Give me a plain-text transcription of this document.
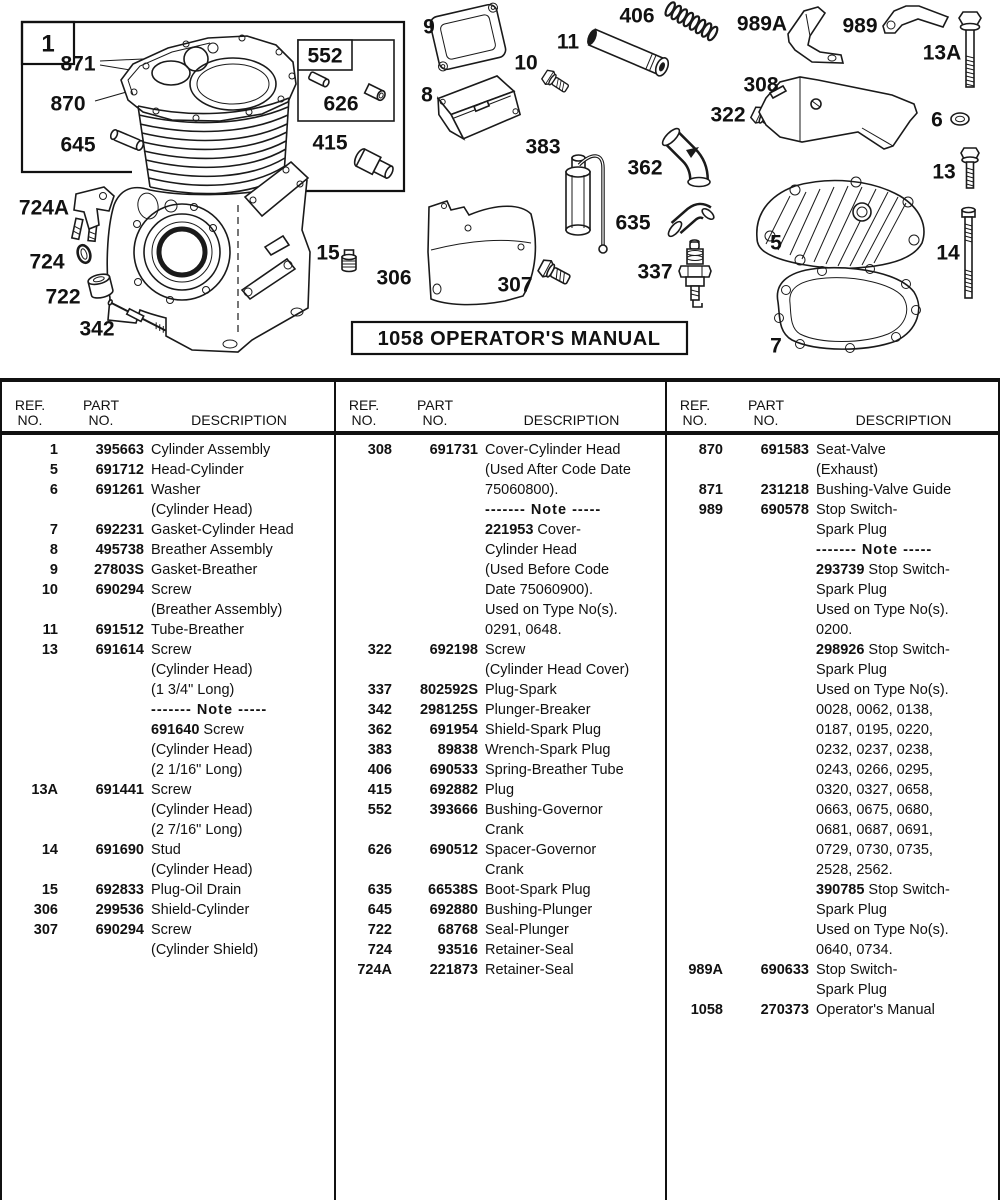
1058 OPERATOR'S MANUAL
552
1
871
870
645
626
415
724A
724
722
342
15
306	307
383
9
10
11
8
406
362
635
337
989A	989
13A
308
322	6
13
5	14
7
REF.
NO.
PART
NO.	DESCRIPTION
1	395663 Cylinder Assembly
5	691712 Head-Cylinder
6	691261 Washer
(Cylinder Head)
7	692231 Gasket-Cylinder Head
8	495738 Breather Assembly
9	27803S Gasket-Breather
10	690294 Screw
(Breather Assembly)
11	691512 Tube-Breather
13	691614 Screw
(Cylinder Head)
(1 3/4" Long)
------- Note -----
691640 Screw
(Cylinder Head)
(2 1/16" Long)
13A	691441 Screw
(Cylinder Head)
(2 7/16" Long)
14	691690 Stud
(Cylinder Head)
15	692833 Plug-Oil Drain
306	299536 Shield-Cylinder
307	690294 Screw
(Cylinder Shield)
REF.
NO.
PART
NO.	DESCRIPTION
308	691731 Cover-Cylinder Head
(Used After Code Date
75060800).
------- Note -----
221953 Cover-
Cylinder Head
(Used Before Code
Date 75060900).
Used on Type No(s).
0291, 0648.
322	692198 Screw
(Cylinder Head Cover)
337	802592S Plug-Spark
342	298125S Plunger-Breaker
362	691954 Shield-Spark Plug
383	89838 Wrench-Spark Plug
406	690533 Spring-Breather Tube
415	692882 Plug
552	393666 Bushing-Governor
Crank
626	690512 Spacer-Governor
Crank
635	66538S Boot-Spark Plug
645	692880 Bushing-Plunger
722	68768 Seal-Plunger
724	93516 Retainer-Seal
724A	221873 Retainer-Seal
REF.
NO.
PART
NO.	DESCRIPTION
870	691583 Seat-Valve
(Exhaust)
871	231218 Bushing-Valve Guide
989	690578 Stop Switch-
Spark Plug
------- Note -----
293739 Stop Switch-
Spark Plug
Used on Type No(s).
0200.
298926 Stop Switch-
Spark Plug
Used on Type No(s).
0028, 0062, 0138,
0187, 0195, 0220,
0232, 0237, 0238,
0243, 0266, 0295,
0320, 0327, 0658,
0663, 0675, 0680,
0681, 0687, 0691,
0729, 0730, 0735,
2528, 2562.
390785 Stop Switch-
Spark Plug
Used on Type No(s).
0640, 0734.
989A	690633 Stop Switch-
Spark Plug
1058	270373 Operator's Manual
